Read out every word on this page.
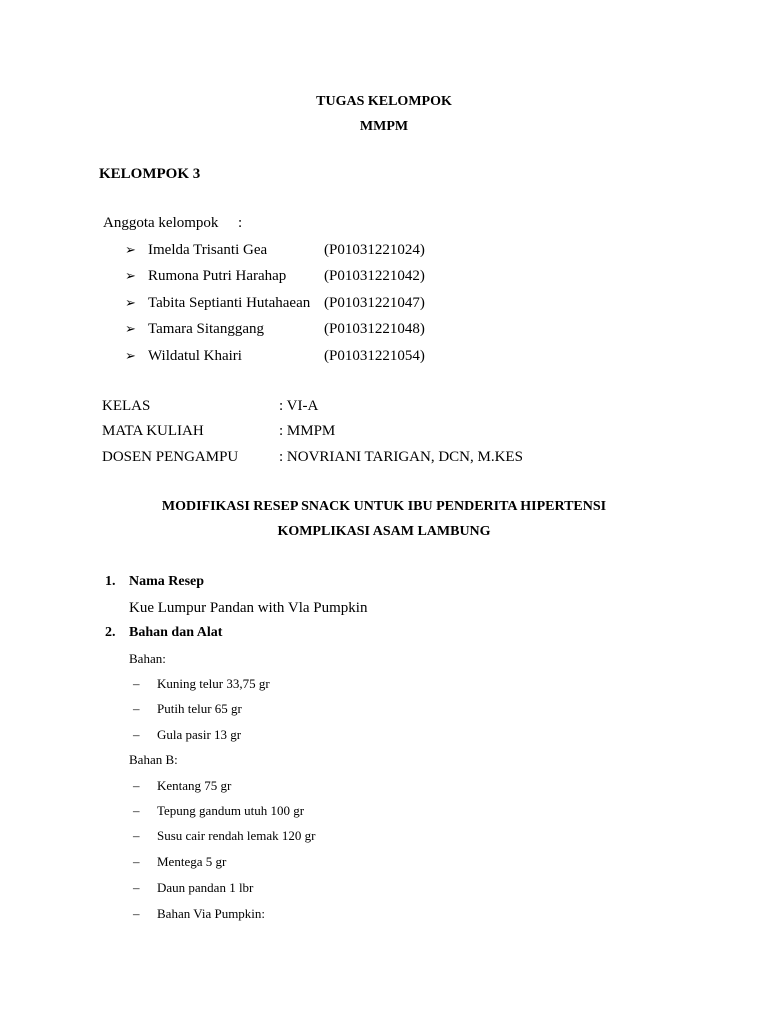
TUGAS KELOMPOK
MMPM
KELOMPOK 3
Anggota kelompok :
➢ Imelda Trisanti Gea	(P01031221024)
➢ Rumona Putri Harahap	(P01031221042)
➢ Tabita Septianti Hutahaean (P01031221047)
➢ Tamara Sitanggang	(P01031221048)
➢ Wildatul Khairi	(P01031221054)
KELAS	: VI-A
MATA KULIAH	: MMPM
DOSEN PENGAMPU	: NOVRIANI TARIGAN, DCN, M.KES
MODIFIKASI RESEP SNACK UNTUK IBU PENDERITA HIPERTENSI
KOMPLIKASI ASAM LAMBUNG
1. Nama Resep
Kue Lumpur Pandan with Vla Pumpkin
2. Bahan dan Alat
Bahan:
– Kuning telur 33,75 gr
– Putih telur 65 gr
– Gula pasir 13 gr
Bahan B:
– Kentang 75 gr
– Tepung gandum utuh 100 gr
– Susu cair rendah lemak 120 gr
– Mentega 5 gr
– Daun pandan 1 lbr
– Bahan Via Pumpkin:
